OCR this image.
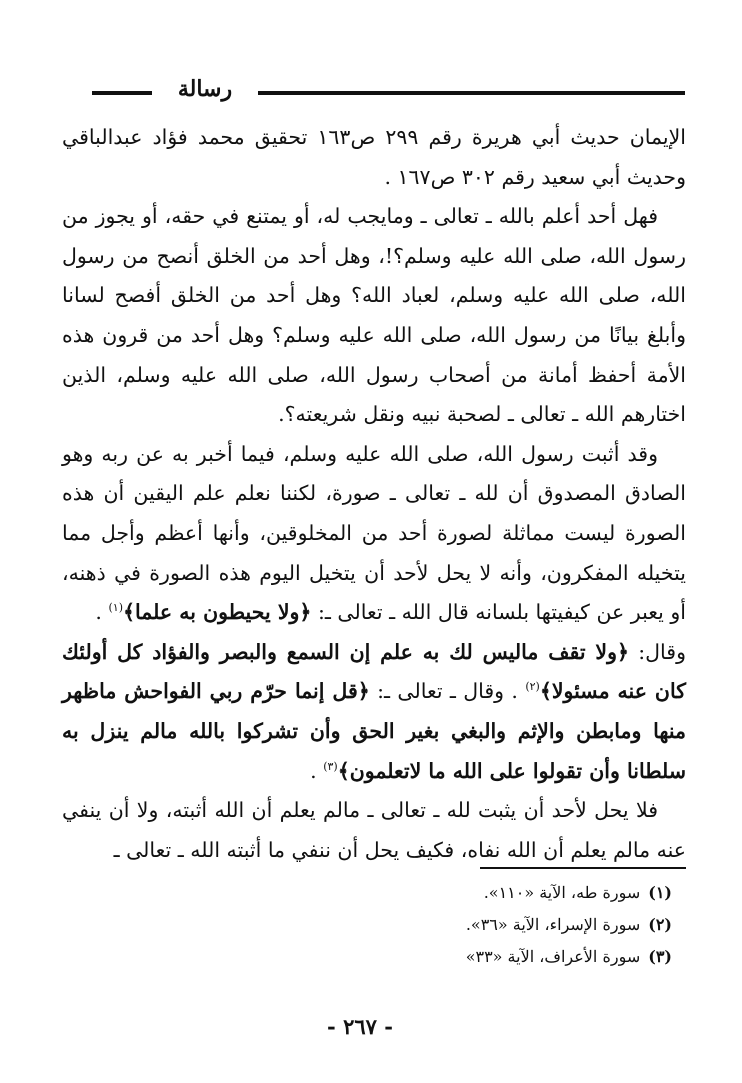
رسالة

الإيمان حديث أبي هريرة رقم ٢٩٩ ص١٦٣ تحقيق محمد فؤاد عبدالباقي وحديث أبي سعيد رقم ٣٠٢ ص١٦٧ .

فهل أحد أعلم بالله ـ تعالى ـ ومايجب له، أو يمتنع في حقه، أو يجوز من رسول الله، صلى الله عليه وسلم؟!، وهل أحد من الخلق أنصح من رسول الله، صلى الله عليه وسلم، لعباد الله؟ وهل أحد من الخلق أفصح لسانا وأبلغ بيانًا من رسول الله، صلى الله عليه وسلم؟ وهل أحد من قرون هذه الأمة أحفظ أمانة من أصحاب رسول الله، صلى الله عليه وسلم، الذين اختارهم الله ـ تعالى ـ لصحبة نبيه ونقل شريعته؟.

وقد أثبت رسول الله، صلى الله عليه وسلم، فيما أخبر به عن ربه وهو الصادق المصدوق أن لله ـ تعالى ـ صورة، لكننا نعلم علم اليقين أن هذه الصورة ليست مماثلة لصورة أحد من المخلوقين، وأنها أعظم وأجل مما يتخيله المفكرون، وأنه لا يحل لأحد أن يتخيل اليوم هذه الصورة في ذهنه، أو يعبر عن كيفيتها بلسانه قال الله ـ تعالى ـ: ﴿ولا يحيطون به علما﴾$^{(١)}$ .

وقال: ﴿ولا تقف ماليس لك به علم إن السمع والبصر والفؤاد كل أولئك كان عنه مسئولا﴾$^{(٢)}$ . وقال ـ تعالى ـ: ﴿قل إنما حرّم ربي الفواحش ماظهر منها ومابطن والإثم والبغي بغير الحق وأن تشركوا بالله مالم ينزل به سلطانا وأن تقولوا على الله ما لاتعلمون﴾$^{(٣)}$ .

فلا يحل لأحد أن يثبت لله ـ تعالى ـ مالم يعلم أن الله أثبته، ولا أن ينفي عنه مالم يعلم أن الله نفاه، فكيف يحل أن ننفي ما أثبته الله ـ تعالى ـ

(١)سورة طه، الآية «١١٠».
(٢)سورة الإسراء، الآية «٣٦».
(٣)سورة الأعراف، الآية «٣٣»
- ٢٦٧ -
